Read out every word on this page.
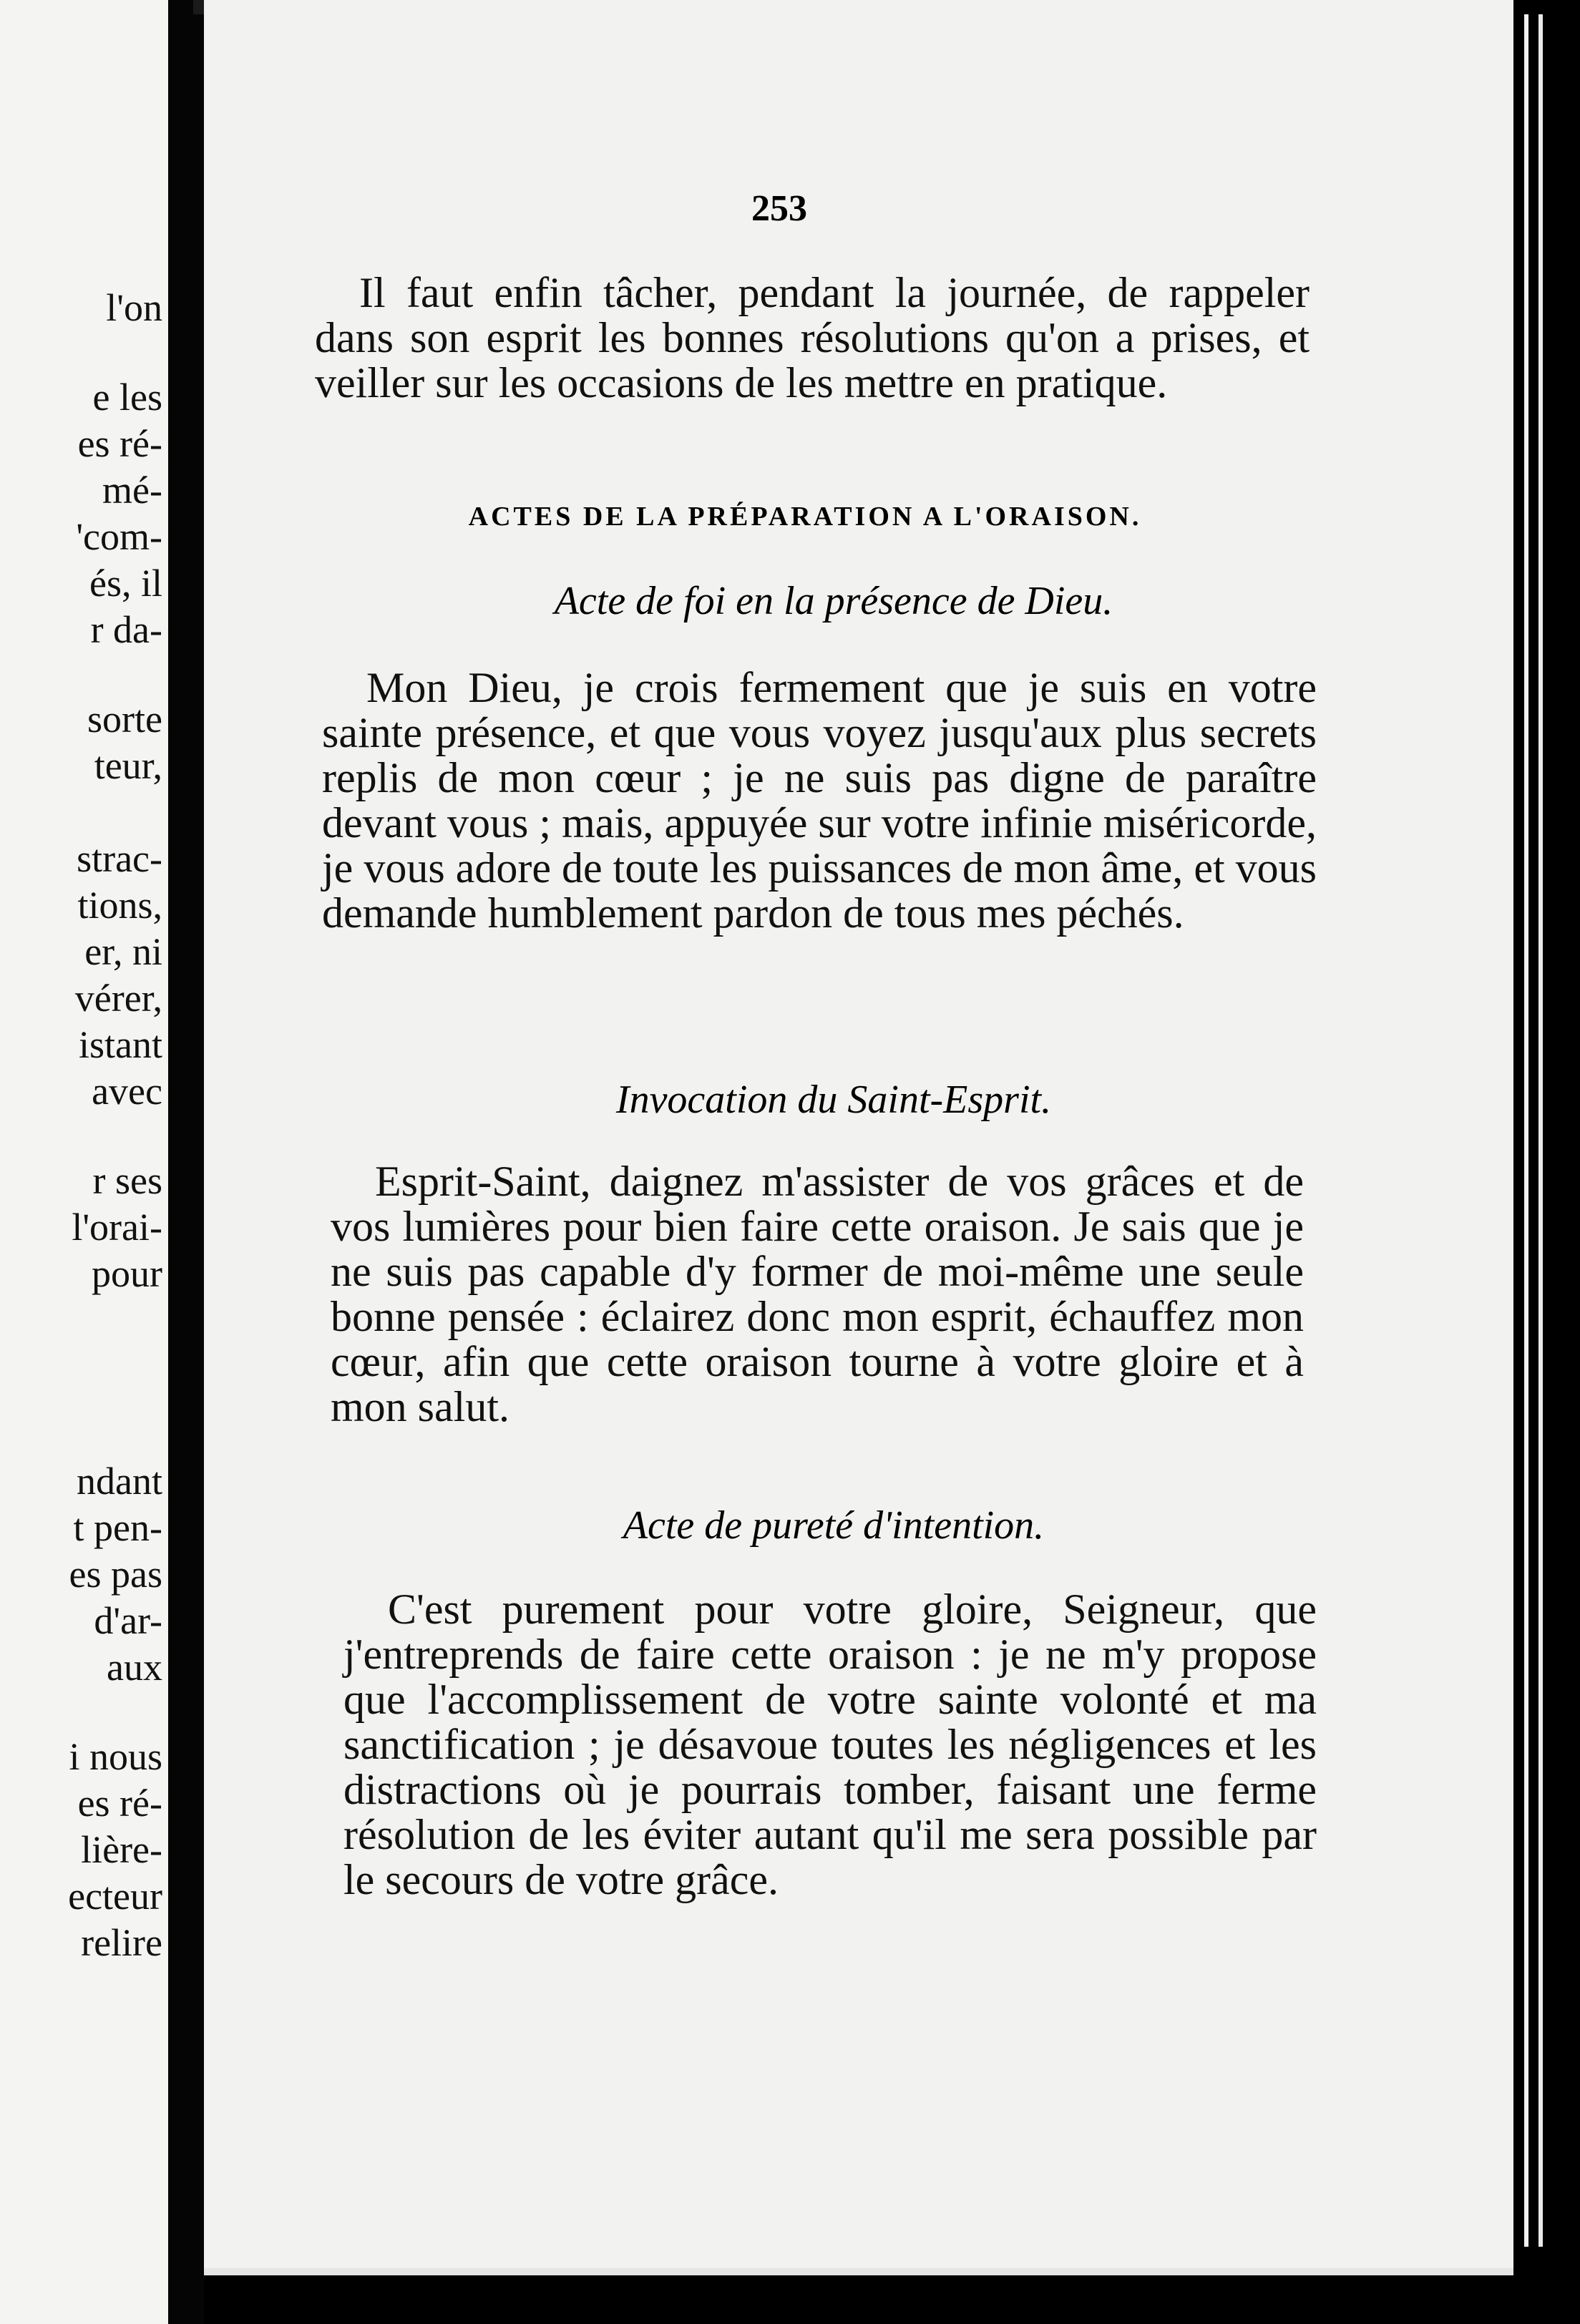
l'on
e les
es ré-
mé-
'com-
és, il
r da-
sorte
teur,
strac-
tions,
er, ni
vérer,
istant
avec
r ses
l'orai-
pour
ndant
t pen-
es pas
d'ar-
aux
i nous
es ré-
lière-
ecteur
relire
253

Il faut enfin tâcher, pendant la journée, de rappeler dans son esprit les bonnes résolutions qu'on a prises, et veiller sur les occasions de les mettre en pratique.

ACTES DE LA PRÉPARATION A L'ORAISON.
Acte de foi en la présence de Dieu.

Mon Dieu, je crois fermement que je suis en votre sainte présence, et que vous voyez jusqu'aux plus secrets replis de mon cœur ; je ne suis pas digne de paraître devant vous ; mais, appuyée sur votre infinie miséricorde, je vous adore de toute les puissances de mon âme, et vous demande humblement pardon de tous mes péchés.

Invocation du Saint-Esprit.

Esprit-Saint, daignez m'assister de vos grâces et de vos lumières pour bien faire cette oraison. Je sais que je ne suis pas capable d'y former de moi-même une seule bonne pensée : éclairez donc mon esprit, échauffez mon cœur, afin que cette oraison tourne à votre gloire et à mon salut.

Acte de pureté d'intention.

C'est purement pour votre gloire, Seigneur, que j'entreprends de faire cette oraison : je ne m'y propose que l'accomplissement de votre sainte volonté et ma sanctification ; je désavoue toutes les négligences et les distractions où je pourrais tomber, faisant une ferme résolution de les éviter autant qu'il me sera possible par le secours de votre grâce.
